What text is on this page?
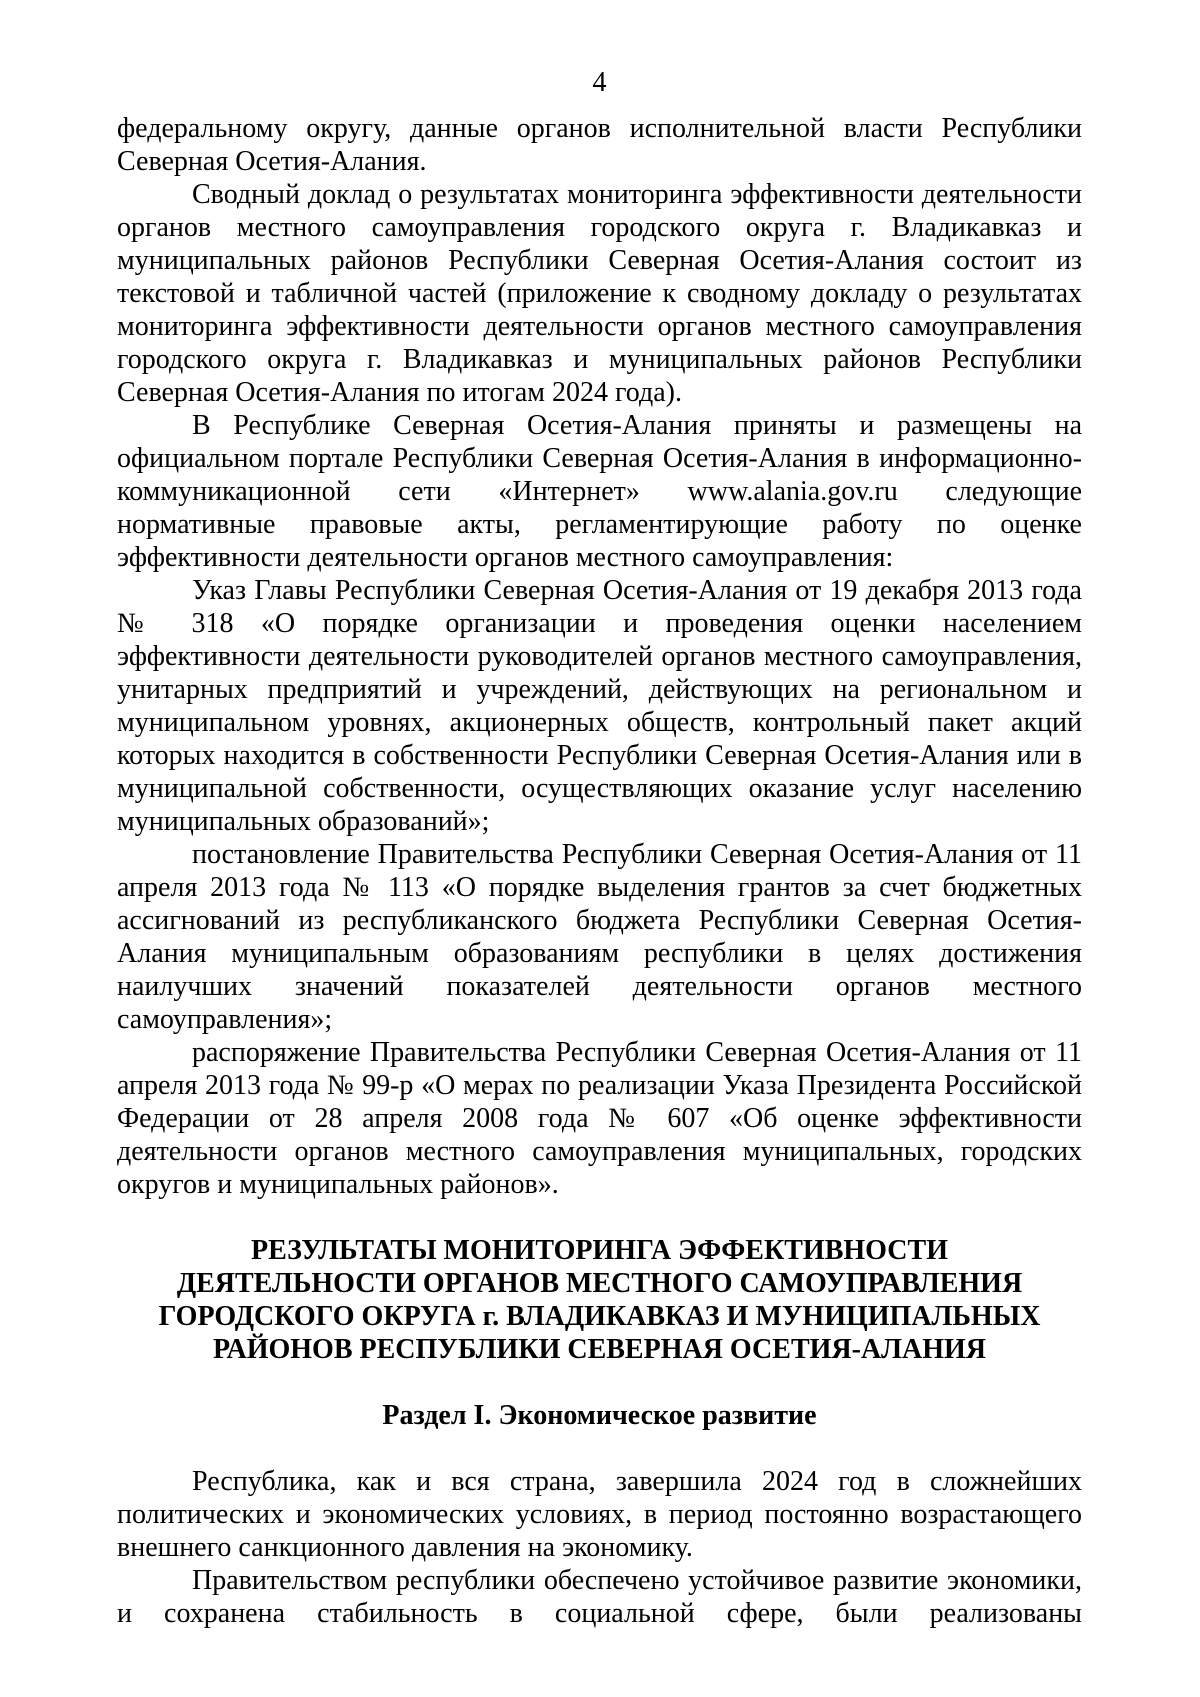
4

федеральному округу, данные органов исполнительной власти Республики Северная Осетия-Алания.

Сводный доклад о результатах мониторинга эффективности деятельности органов местного самоуправления городского округа г. Владикавказ и муниципальных районов Республики Северная Осетия-Алания состоит из текстовой и табличной частей (приложение к сводному докладу о результатах мониторинга эффективности деятельности органов местного самоуправления городского округа г. Владикавказ и муниципальных районов Республики Северная Осетия-Алания по итогам 2024 года).

В Республике Северная Осетия-Алания приняты и размещены на официальном портале Республики Северная Осетия-Алания в информационно-коммуникационной сети «Интернет» www.alania.gov.ru следующие нормативные правовые акты, регламентирующие работу по оценке эффективности деятельности органов местного самоуправления:

Указ Главы Республики Северная Осетия-Алания от 19 декабря 2013 года № 318 «О порядке организации и проведения оценки населением эффективности деятельности руководителей органов местного самоуправления, унитарных предприятий и учреждений, действующих на региональном и муниципальном уровнях, акционерных обществ, контрольный пакет акций которых находится в собственности Республики Северная Осетия-Алания или в муниципальной собственности, осуществляющих оказание услуг населению муниципальных образований»;

постановление Правительства Республики Северная Осетия-Алания от 11 апреля 2013 года № 113 «О порядке выделения грантов за счет бюджетных ассигнований из республиканского бюджета Республики Северная Осетия-Алания муниципальным образованиям республики в целях достижения наилучших значений показателей деятельности органов местного самоуправления»;

распоряжение Правительства Республики Северная Осетия-Алания от 11 апреля 2013 года № 99-р «О мерах по реализации Указа Президента Российской Федерации от 28 апреля 2008 года № 607 «Об оценке эффективности деятельности органов местного самоуправления муниципальных, городских округов и муниципальных районов».

РЕЗУЛЬТАТЫ МОНИТОРИНГА ЭФФЕКТИВНОСТИ
ДЕЯТЕЛЬНОСТИ ОРГАНОВ МЕСТНОГО САМОУПРАВЛЕНИЯ
ГОРОДСКОГО ОКРУГА г. ВЛАДИКАВКАЗ И МУНИЦИПАЛЬНЫХ
РАЙОНОВ РЕСПУБЛИКИ СЕВЕРНАЯ ОСЕТИЯ-АЛАНИЯ
Раздел I. Экономическое развитие

Республика, как и вся страна, завершила 2024 год в сложнейших политических и экономических условиях, в период постоянно возрастающего внешнего санкционного давления на экономику.

Правительством республики обеспечено устойчивое развитие экономики, и сохранена стабильность в социальной сфере, были реализованы
